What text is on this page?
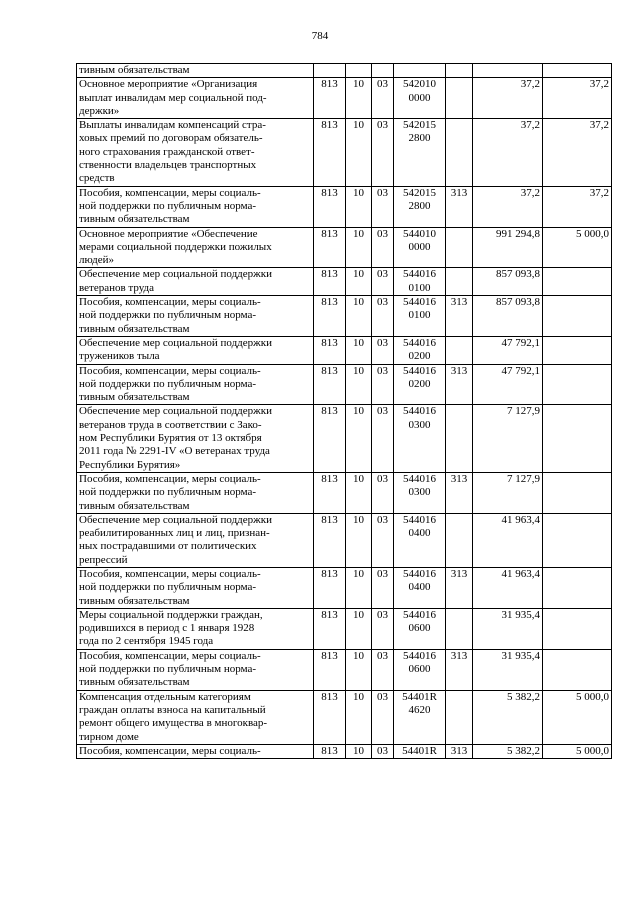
784
тивным обязательствам				

Основное мероприятие «Организация
выплат инвалидам мер социальной под-
держки»	813	10	03	542010
0000		37,2	37,2
Выплаты инвалидам компенсаций стра-
ховых премий по договорам обязатель-
ного страхования гражданской ответ-
ственности владельцев транспортных
средств	813	10	03	542015
2800		37,2	37,2
Пособия, компенсации, меры социаль-
ной поддержки по публичным норма-
тивным обязательствам	813	10	03	542015
2800	313	37,2	37,2
Основное мероприятие «Обеспечение
мерами социальной поддержки пожилых
людей»	813	10	03	544010
0000		991 294,8	5 000,0
Обеспечение мер социальной поддержки
ветеранов труда	813	10	03	544016
0100		857 093,8	
Пособия, компенсации, меры социаль-
ной поддержки по публичным норма-
тивным обязательствам	813	10	03	544016
0100	313	857 093,8	
Обеспечение мер социальной поддержки
тружеников тыла	813	10	03	544016
0200		47 792,1	
Пособия, компенсации, меры социаль-
ной поддержки по публичным норма-
тивным обязательствам	813	10	03	544016
0200	313	47 792,1	
Обеспечение мер социальной поддержки
ветеранов труда в соответствии с Зако-
ном Республики Бурятия от 13 октября
2011 года № 2291-IV «О ветеранах труда
Республики Бурятия»	813	10	03	544016
0300		7 127,9	
Пособия, компенсации, меры социаль-
ной поддержки по публичным норма-
тивным обязательствам	813	10	03	544016
0300	313	7 127,9	
Обеспечение мер социальной поддержки
реабилитированных лиц и лиц, признан-
ных пострадавшими от политических
репрессий	813	10	03	544016
0400		41 963,4	
Пособия, компенсации, меры социаль-
ной поддержки по публичным норма-
тивным обязательствам	813	10	03	544016
0400	313	41 963,4	
Меры социальной поддержки граждан,
родившихся в период с 1 января 1928
года по 2 сентября 1945 года	813	10	03	544016
0600		31 935,4	
Пособия, компенсации, меры социаль-
ной поддержки по публичным норма-
тивным обязательствам	813	10	03	544016
0600	313	31 935,4	
Компенсация отдельным категориям
граждан оплаты взноса на капитальный
ремонт общего имущества в многоквар-
тирном доме	813	10	03	54401R
4620		5 382,2	5 000,0
Пособия, компенсации, меры социаль-	813	10	03	54401R	313	5 382,2	5 000,0
